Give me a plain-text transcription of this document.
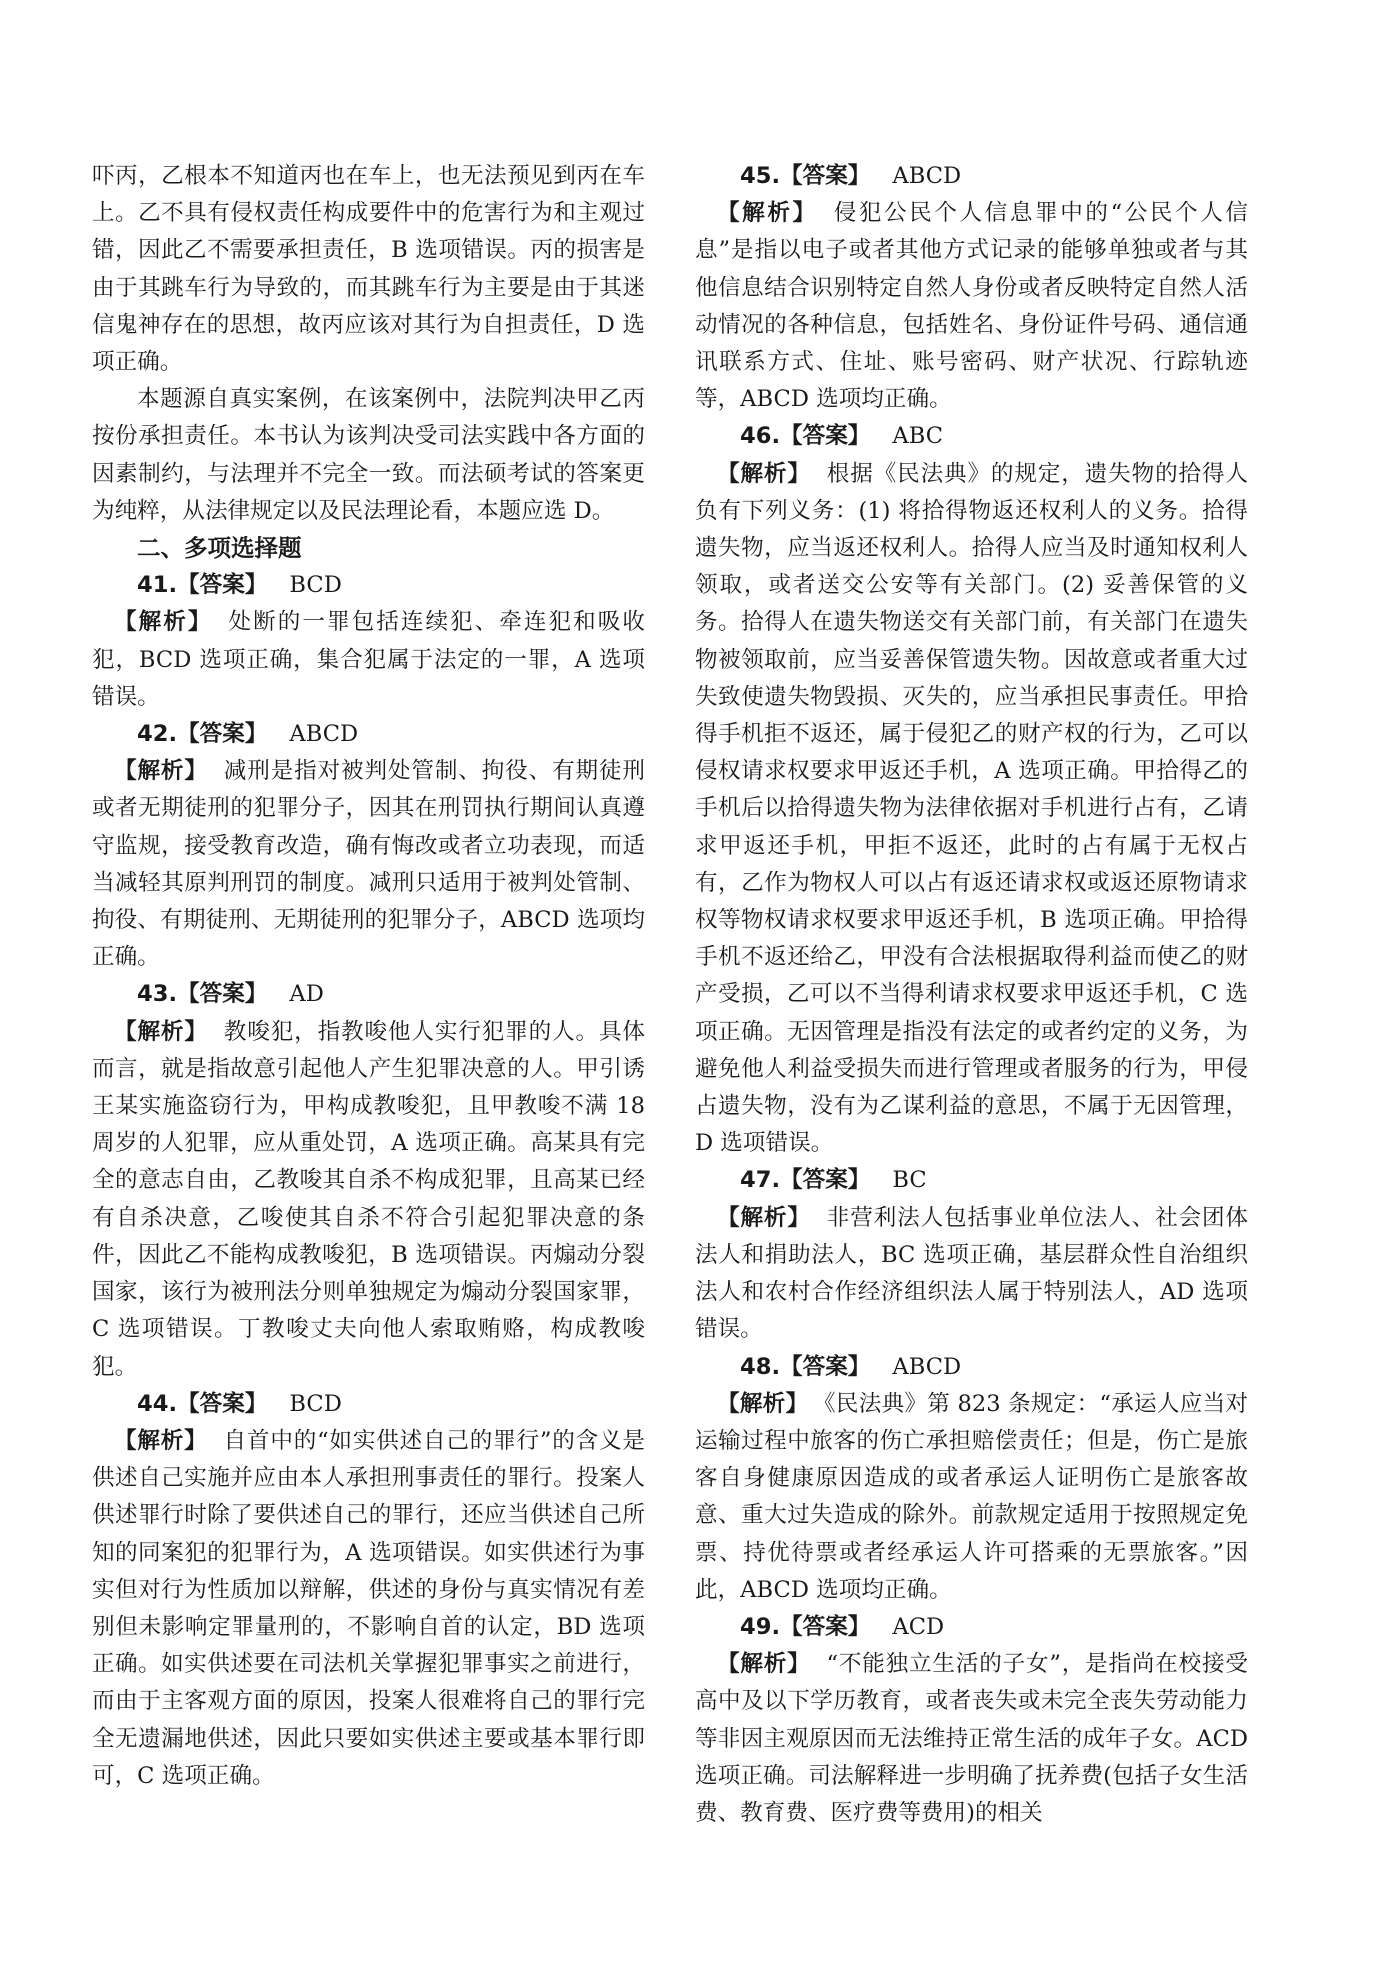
吓丙，乙根本不知道丙也在车上，也无法预见到丙在车上。乙不具有侵权责任构成要件中的危害行为和主观过错，因此乙不需要承担责任，B 选项错误。丙的损害是由于其跳车行为导致的，而其跳车行为主要是由于其迷信鬼神存在的思想，故丙应该对其行为自担责任，D 选项正确。

本题源自真实案例，在该案例中，法院判决甲乙丙按份承担责任。本书认为该判决受司法实践中各方面的因素制约，与法理并不完全一致。而法硕考试的答案更为纯粹，从法律规定以及民法理论看，本题应选 D。

二、多项选择题

41.【答案】 BCD

【解析】 处断的一罪包括连续犯、牵连犯和吸收犯，BCD 选项正确，集合犯属于法定的一罪，A 选项错误。

42.【答案】 ABCD

【解析】 减刑是指对被判处管制、拘役、有期徒刑或者无期徒刑的犯罪分子，因其在刑罚执行期间认真遵守监规，接受教育改造，确有悔改或者立功表现，而适当减轻其原判刑罚的制度。减刑只适用于被判处管制、拘役、有期徒刑、无期徒刑的犯罪分子，ABCD 选项均正确。

43.【答案】 AD

【解析】 教唆犯，指教唆他人实行犯罪的人。具体而言，就是指故意引起他人产生犯罪决意的人。甲引诱王某实施盗窃行为，甲构成教唆犯，且甲教唆不满 18 周岁的人犯罪，应从重处罚，A 选项正确。高某具有完全的意志自由，乙教唆其自杀不构成犯罪，且高某已经有自杀决意，乙唆使其自杀不符合引起犯罪决意的条件，因此乙不能构成教唆犯，B 选项错误。丙煽动分裂国家，该行为被刑法分则单独规定为煽动分裂国家罪，C 选项错误。丁教唆丈夫向他人索取贿赂，构成教唆犯。

44.【答案】 BCD

【解析】 自首中的“如实供述自己的罪行”的含义是供述自己实施并应由本人承担刑事责任的罪行。投案人供述罪行时除了要供述自己的罪行，还应当供述自己所知的同案犯的犯罪行为，A 选项错误。如实供述行为事实但对行为性质加以辩解，供述的身份与真实情况有差别但未影响定罪量刑的，不影响自首的认定，BD 选项正确。如实供述要在司法机关掌握犯罪事实之前进行，而由于主客观方面的原因，投案人很难将自己的罪行完全无遗漏地供述，因此只要如实供述主要或基本罪行即可，C 选项正确。

45.【答案】 ABCD

【解析】 侵犯公民个人信息罪中的“公民个人信息”是指以电子或者其他方式记录的能够单独或者与其他信息结合识别特定自然人身份或者反映特定自然人活动情况的各种信息，包括姓名、身份证件号码、通信通讯联系方式、住址、账号密码、财产状况、行踪轨迹等，ABCD 选项均正确。

46.【答案】 ABC

【解析】 根据《民法典》的规定，遗失物的拾得人负有下列义务：(1) 将拾得物返还权利人的义务。拾得遗失物，应当返还权利人。拾得人应当及时通知权利人领取，或者送交公安等有关部门。(2) 妥善保管的义务。拾得人在遗失物送交有关部门前，有关部门在遗失物被领取前，应当妥善保管遗失物。因故意或者重大过失致使遗失物毁损、灭失的，应当承担民事责任。甲拾得手机拒不返还，属于侵犯乙的财产权的行为，乙可以侵权请求权要求甲返还手机，A 选项正确。甲拾得乙的手机后以拾得遗失物为法律依据对手机进行占有，乙请求甲返还手机，甲拒不返还，此时的占有属于无权占有，乙作为物权人可以占有返还请求权或返还原物请求权等物权请求权要求甲返还手机，B 选项正确。甲拾得手机不返还给乙，甲没有合法根据取得利益而使乙的财产受损，乙可以不当得利请求权要求甲返还手机，C 选项正确。无因管理是指没有法定的或者约定的义务，为避免他人利益受损失而进行管理或者服务的行为，甲侵占遗失物，没有为乙谋利益的意思，不属于无因管理，D 选项错误。

47.【答案】 BC

【解析】 非营利法人包括事业单位法人、社会团体法人和捐助法人，BC 选项正确，基层群众性自治组织法人和农村合作经济组织法人属于特别法人，AD 选项错误。

48.【答案】 ABCD

【解析】 《民法典》第 823 条规定：“承运人应当对运输过程中旅客的伤亡承担赔偿责任；但是，伤亡是旅客自身健康原因造成的或者承运人证明伤亡是旅客故意、重大过失造成的除外。前款规定适用于按照规定免票、持优待票或者经承运人许可搭乘的无票旅客。”因此，ABCD 选项均正确。

49.【答案】 ACD

【解析】 “不能独立生活的子女”，是指尚在校接受高中及以下学历教育，或者丧失或未完全丧失劳动能力等非因主观原因而无法维持正常生活的成年子女。ACD 选项正确。司法解释进一步明确了抚养费(包括子女生活费、教育费、医疗费等费用)的相关
